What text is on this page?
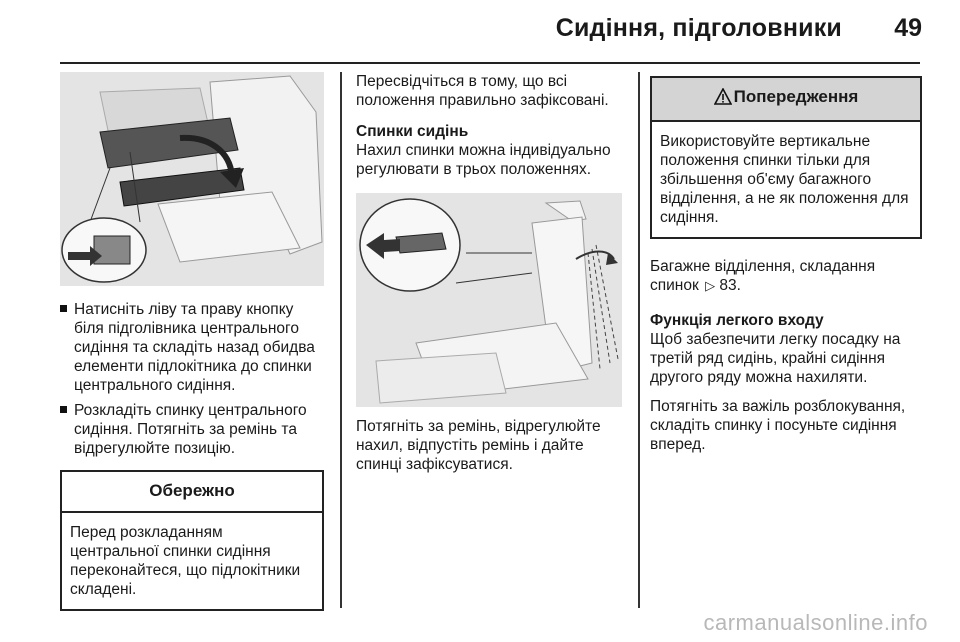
Сидіння, підголовники 49
Натисніть ліву та праву кнопку біля підголівника центрального сидіння та складіть назад обидва елементи підлокітника до спинки центрального сидіння.
Розкладіть спинку центрального сидіння. Потягніть за ремінь та відрегулюйте позицію.
Обережно
Перед розкладанням центральної спинки сидіння переконайтеся, що підлокітники складені.

Пересвідчіться в тому, що всі положення правильно зафіксовані.

Спинки сидінь

Нахил спинки можна індивідуально регулювати в трьох положеннях.

Потягніть за ремінь, відрегулюйте нахил, відпустіть ремінь і дайте спинці зафіксуватися.

Попередження
Використовуйте вертикальне положення спинки тільки для збільшення об'єму багажного відділення, а не як положення для сидіння.

Багажне відділення, складання спинок ▷ 83.

Функція легкого входу

Щоб забезпечити легку посадку на третій ряд сидінь, крайні сидіння другого ряду можна нахиляти.

Потягніть за важіль розблокування, складіть спинку і посуньте сидіння вперед.

carmanualsonline.info
